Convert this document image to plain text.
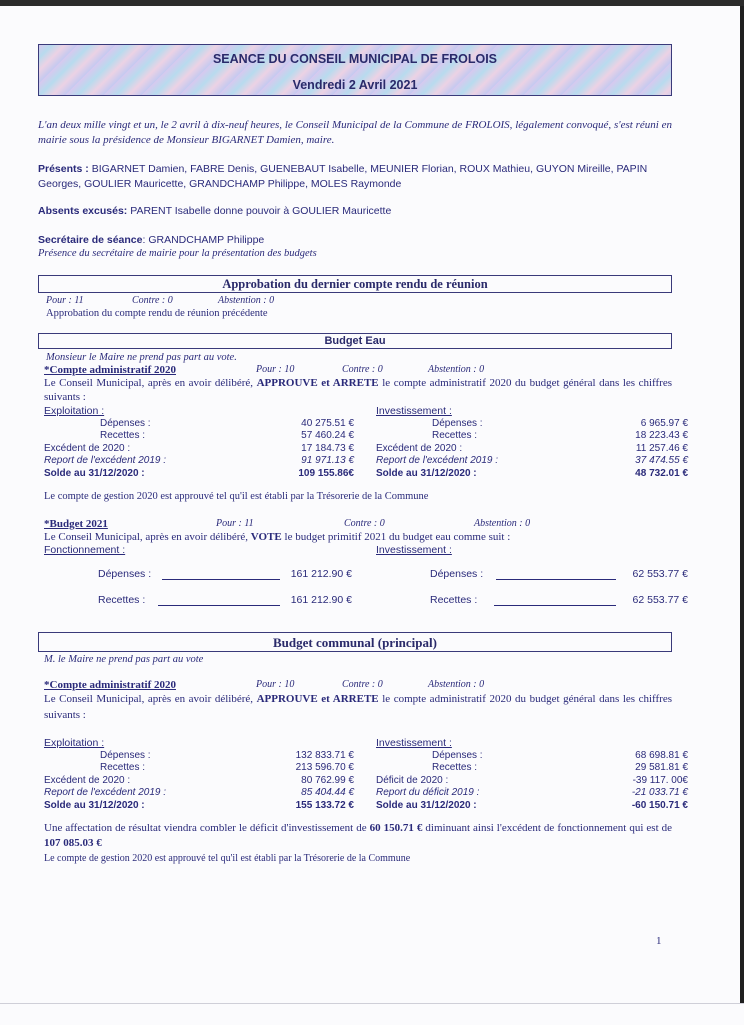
SEANCE DU CONSEIL MUNICIPAL DE FROLOIS
Vendredi 2 Avril 2021

L'an deux mille vingt et un, le 2 avril à dix-neuf heures, le Conseil Municipal de la Commune de FROLOIS, légalement convoqué, s'est réuni en mairie sous la présidence de Monsieur BIGARNET Damien, maire.

Présents : BIGARNET Damien, FABRE Denis, GUENEBAUT Isabelle, MEUNIER Florian, ROUX Mathieu, GUYON Mireille, PAPIN Georges, GOULIER Mauricette, GRANDCHAMP Philippe, MOLES Raymonde

Absents excusés: PARENT Isabelle donne pouvoir à GOULIER Mauricette

Secrétaire de séance: GRANDCHAMP Philippe

Présence du secrétaire de mairie pour la présentation des budgets

Approbation du dernier compte rendu de réunion
Pour : 11	Contre : 0	Abstention : 0

Approbation du compte rendu de réunion précédente

Budget Eau

Monsieur le Maire ne prend pas part au vote.

*Compte administratif 2020	Pour : 10	Contre : 0	Abstention : 0

Le Conseil Municipal, après en avoir délibéré, APPROUVE et ARRETE le compte administratif 2020 du budget général dans les chiffres suivants :

Exploitation :
Dépenses :	40 275.51 €
Recettes :	57 460.24 €
Excédent de 2020 :	17 184.73 €
Report de l'excédent 2019 :	91 971.13 €
Solde au 31/12/2020 :	109 155.86€
Investissement :
Dépenses :	6 965.97 €
Recettes :	18 223.43 €
Excédent de 2020 :	11 257.46 €
Report de l'excédent 2019 :	37 474.55 €
Solde au 31/12/2020 :	48 732.01 €

Le compte de gestion 2020 est approuvé tel qu'il est établi par la Trésorerie de la Commune

*Budget 2021	Pour : 11	Contre : 0	Abstention : 0

Le Conseil Municipal, après en avoir délibéré, VOTE le budget primitif 2021 du budget eau comme suit :

Fonctionnement :	Investissement :
Dépenses :	161 212.90 €	Dépenses :	62 553.77 €
Recettes :	161 212.90 €	Recettes :	62 553.77 €
Budget communal (principal)

M. le Maire ne prend pas part au vote

*Compte administratif 2020	Pour : 10	Contre : 0	Abstention : 0

Le Conseil Municipal, après en avoir délibéré, APPROUVE et ARRETE le compte administratif 2020 du budget général dans les chiffres suivants :

Exploitation :
Dépenses :	132 833.71 €
Recettes :	213 596.70 €
Excédent de 2020 :	80 762.99 €
Report de l'excédent 2019 :	85 404.44 €
Solde au 31/12/2020 :	155 133.72 €
Investissement :
Dépenses :	68 698.81 €
Recettes :	29 581.81 €
Déficit de 2020 :	-39 117. 00€
Report du déficit 2019 :	-21 033.71 €
Solde au 31/12/2020 :	-60 150.71 €

Une affectation de résultat viendra combler le déficit d'investissement de 60 150.71 € diminuant ainsi l'excédent de fonctionnement qui est de 107 085.03 €

Le compte de gestion 2020 est approuvé tel qu'il est établi par la Trésorerie de la Commune

1
